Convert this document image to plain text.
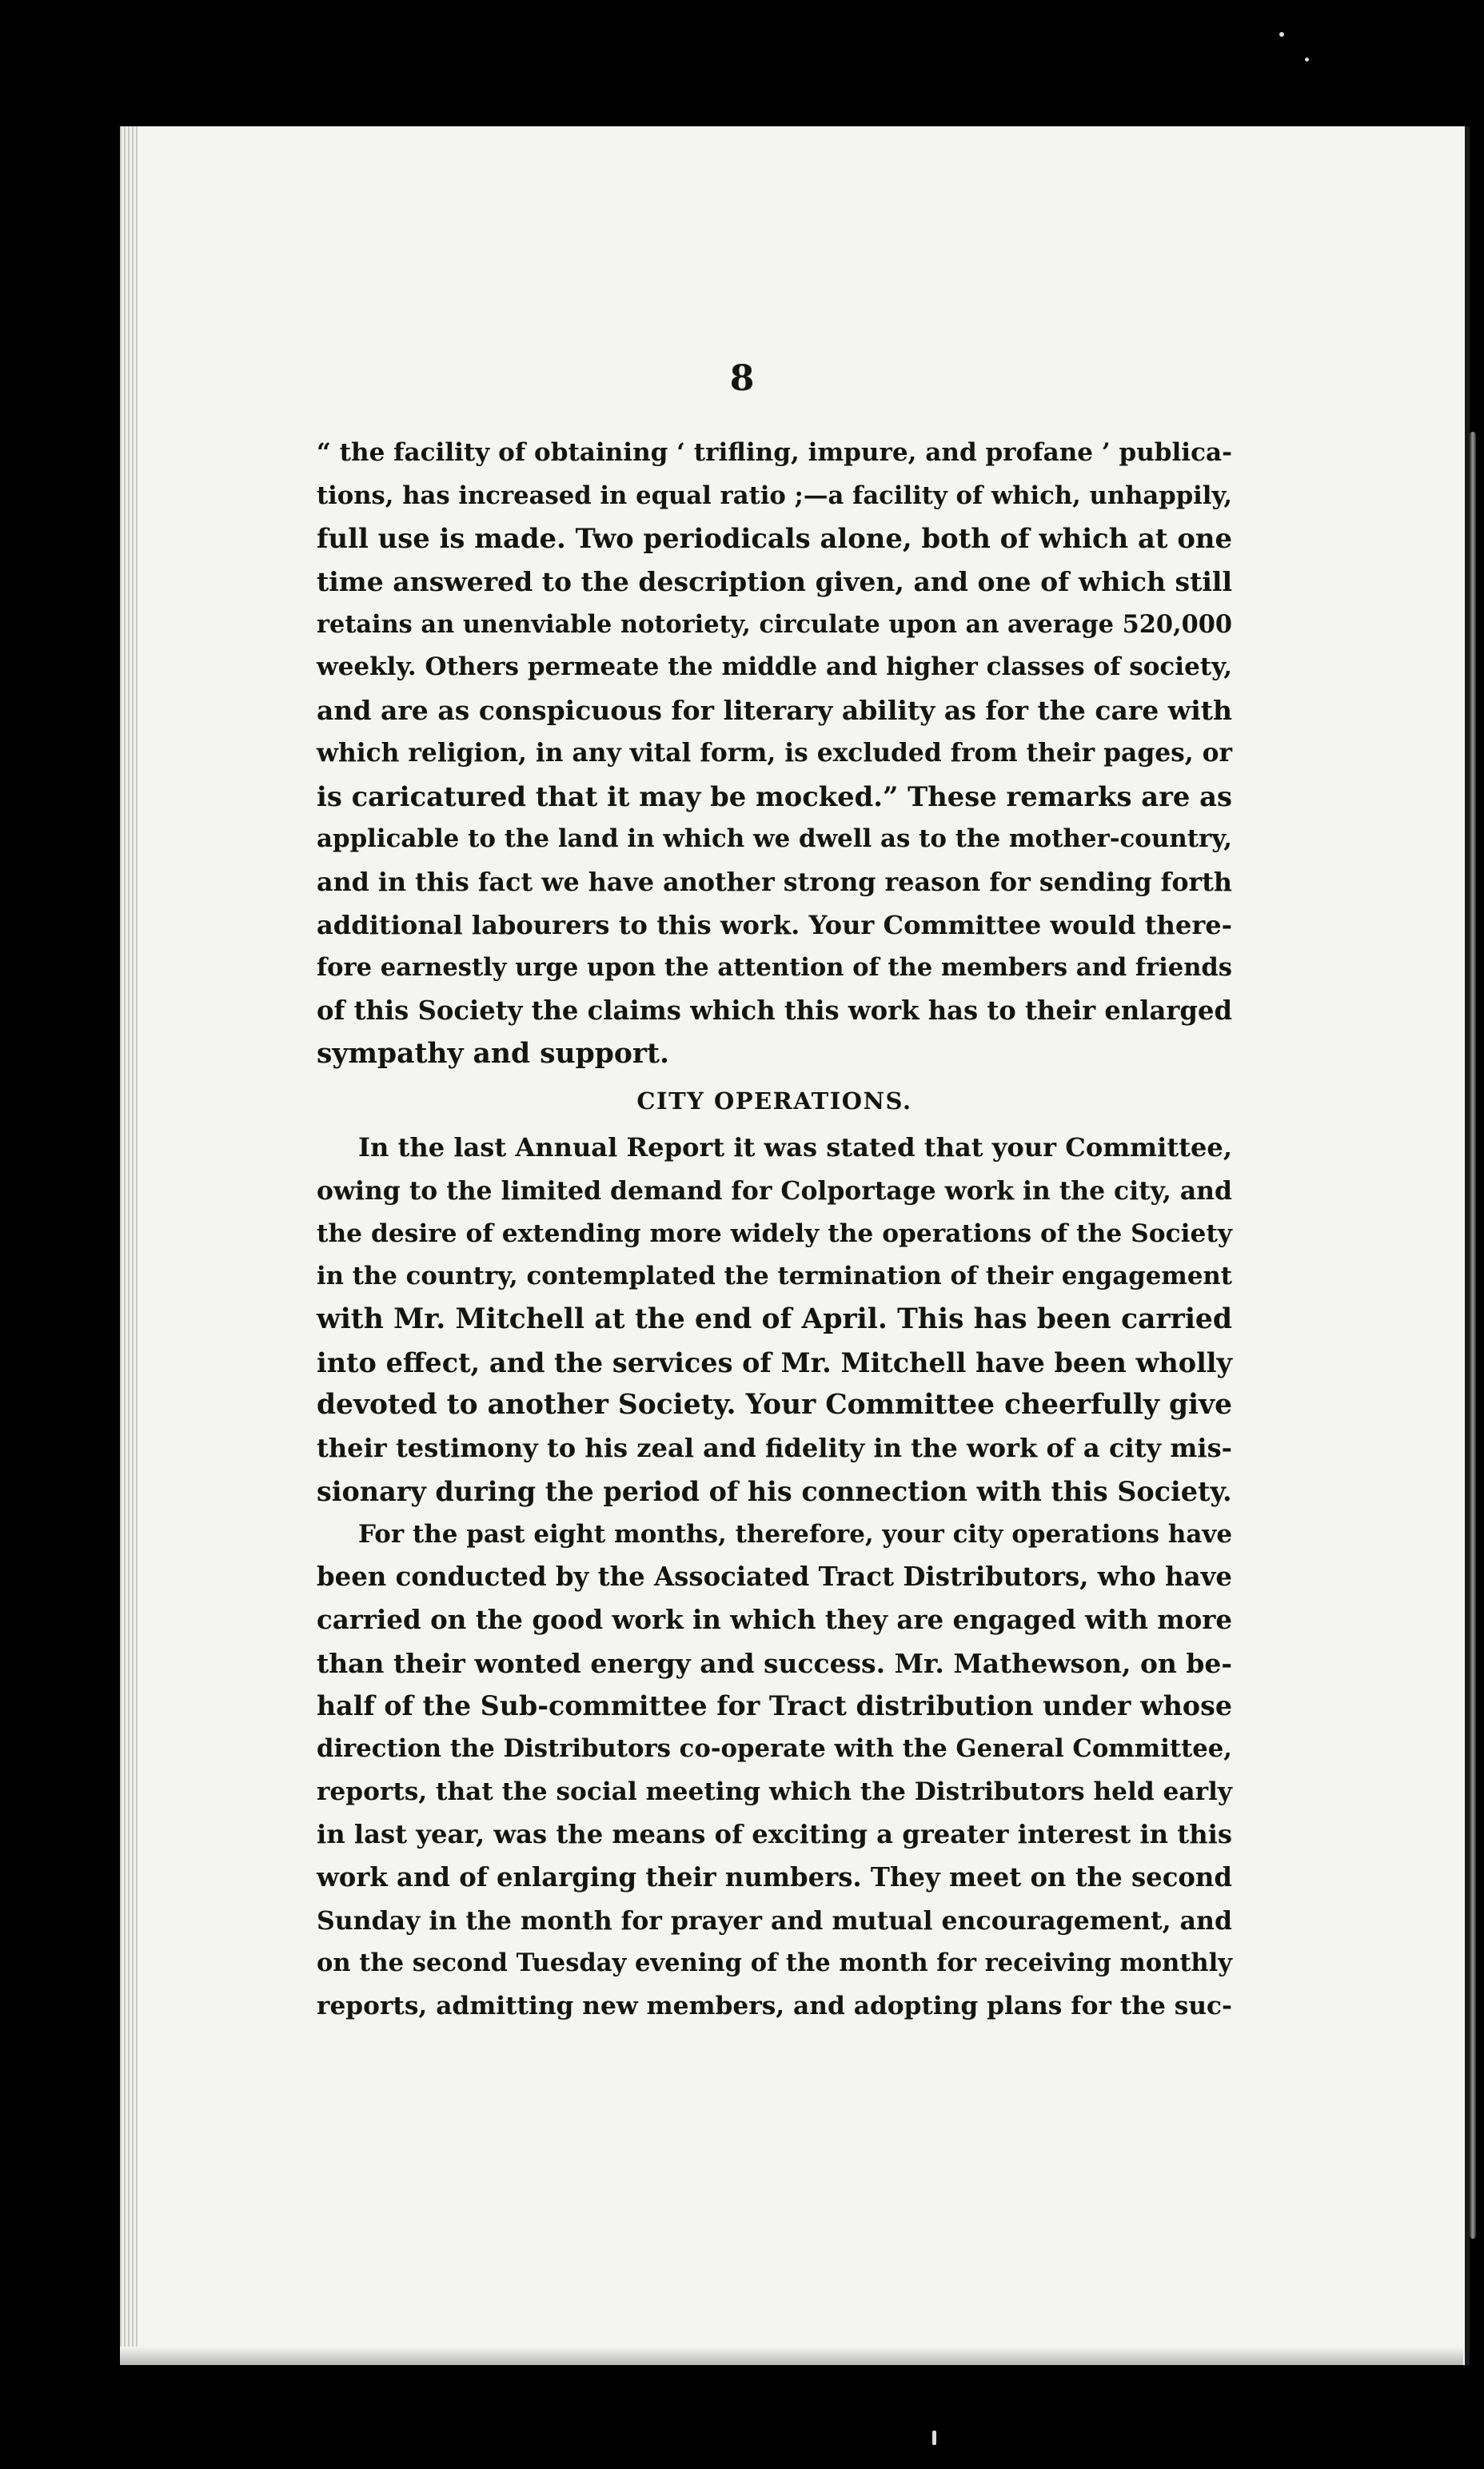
8
“ the facility of obtaining ‘ trifling, impure, and profane ’ publica-
tions, has increased in equal ratio ;—a facility of which, unhappily,
full use is made. Two periodicals alone, both of which at one
time answered to the description given, and one of which still
retains an unenviable notoriety, circulate upon an average 520,000
weekly. Others permeate the middle and higher classes of society,
and are as conspicuous for literary ability as for the care with
which religion, in any vital form, is excluded from their pages, or
is caricatured that it may be mocked.” These remarks are as
applicable to the land in which we dwell as to the mother-country,
and in this fact we have another strong reason for sending forth
additional labourers to this work. Your Committee would there-
fore earnestly urge upon the attention of the members and friends
of this Society the claims which this work has to their enlarged
sympathy and support.
CITY OPERATIONS.
In the last Annual Report it was stated that your Committee,
owing to the limited demand for Colportage work in the city, and
the desire of extending more widely the operations of the Society
in the country, contemplated the termination of their engagement
with Mr. Mitchell at the end of April. This has been carried
into effect, and the services of Mr. Mitchell have been wholly
devoted to another Society. Your Committee cheerfully give
their testimony to his zeal and fidelity in the work of a city mis-
sionary during the period of his connection with this Society.
For the past eight months, therefore, your city operations have
been conducted by the Associated Tract Distributors, who have
carried on the good work in which they are engaged with more
than their wonted energy and success. Mr. Mathewson, on be-
half of the Sub-committee for Tract distribution under whose
direction the Distributors co-operate with the General Committee,
reports, that the social meeting which the Distributors held early
in last year, was the means of exciting a greater interest in this
work and of enlarging their numbers. They meet on the second
Sunday in the month for prayer and mutual encouragement, and
on the second Tuesday evening of the month for receiving monthly
reports, admitting new members, and adopting plans for the suc-
